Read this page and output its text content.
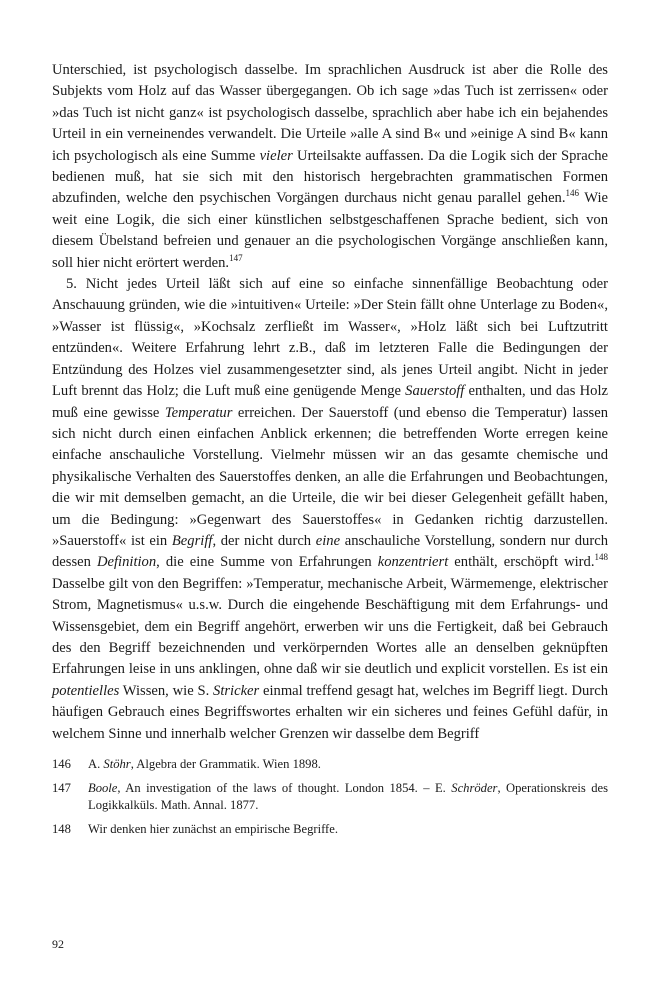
Unterschied, ist psychologisch dasselbe. Im sprachlichen Ausdruck ist aber die Rolle des Subjekts vom Holz auf das Wasser übergegangen. Ob ich sage »das Tuch ist zerrissen« oder »das Tuch ist nicht ganz« ist psychologisch dasselbe, sprachlich aber habe ich ein bejahendes Urteil in ein verneinendes verwandelt. Die Urteile »alle A sind B« und »einige A sind B« kann ich psychologisch als eine Summe vieler Urteilsakte auffassen. Da die Logik sich der Sprache bedienen muß, hat sie sich mit den historisch hergebrachten grammatischen Formen abzufinden, welche den psychischen Vorgängen durchaus nicht genau parallel gehen.$^{146}$ Wie weit eine Logik, die sich einer künstlichen selbstgeschaffenen Sprache bedient, sich von diesem Übelstand befreien und genauer an die psychologischen Vorgänge anschließen kann, soll hier nicht erörtert werden.$^{147}$

5. Nicht jedes Urteil läßt sich auf eine so einfache sinnenfällige Beobachtung oder Anschauung gründen, wie die »intuitiven« Urteile: »Der Stein fällt ohne Unterlage zu Boden«, »Wasser ist flüssig«, »Kochsalz zerfließt im Wasser«, »Holz läßt sich bei Luftzutritt entzünden«. Weitere Erfahrung lehrt z.B., daß im letzteren Falle die Bedingungen der Entzündung des Holzes viel zusammengesetzter sind, als jenes Urteil angibt. Nicht in jeder Luft brennt das Holz; die Luft muß eine genügende Menge Sauerstoff enthalten, und das Holz muß eine gewisse Temperatur erreichen. Der Sauerstoff (und ebenso die Temperatur) lassen sich nicht durch einen einfachen Anblick erkennen; die betreffenden Worte erregen keine einfache anschauliche Vorstellung. Vielmehr müssen wir an das gesamte chemische und physikalische Verhalten des Sauerstoffes denken, an alle die Erfahrungen und Beobachtungen, die wir mit demselben gemacht, an die Urteile, die wir bei dieser Gelegenheit gefällt haben, um die Bedingung: »Gegenwart des Sauerstoffes« in Gedanken richtig darzustellen. »Sauerstoff« ist ein Begriff, der nicht durch eine anschauliche Vorstellung, sondern nur durch dessen Definition, die eine Summe von Erfahrungen konzentriert enthält, erschöpft wird.$^{148}$ Dasselbe gilt von den Begriffen: »Temperatur, mechanische Arbeit, Wärmemenge, elektrischer Strom, Magnetismus« u.s.w. Durch die eingehende Beschäftigung mit dem Erfahrungs- und Wissensgebiet, dem ein Begriff angehört, erwerben wir uns die Fertigkeit, daß bei Gebrauch des den Begriff bezeichnenden und verkörpernden Wortes alle an denselben geknüpften Erfahrungen leise in uns anklingen, ohne daß wir sie deutlich und explicit vorstellen. Es ist ein potentielles Wissen, wie S. Stricker einmal treffend gesagt hat, welches im Begriff liegt. Durch häufigen Gebrauch eines Begriffswortes erhalten wir ein sicheres und feines Gefühl dafür, in welchem Sinne und innerhalb welcher Grenzen wir dasselbe dem Begriff

146	A. Stöhr, Algebra der Grammatik. Wien 1898.
147	Boole, An investigation of the laws of thought. London 1854. – E. Schröder, Operationskreis des Logikkalküls. Math. Annal. 1877.
148	Wir denken hier zunächst an empirische Begriffe.
92
